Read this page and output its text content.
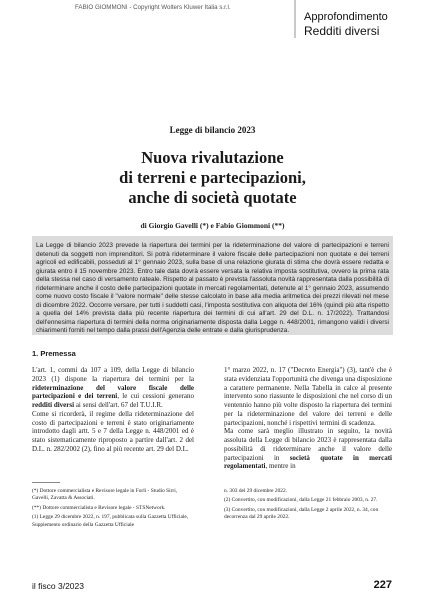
FABIO GIOMMONI - Copyright Wolters Kluwer Italia s.r.l.
Approfondimento
Redditi diversi
Legge di bilancio 2023
Nuova rivalutazione
di terreni e partecipazioni,
anche di società quotate
di Giorgio Gavelli (*) e Fabio Giommoni (**)
La Legge di bilancio 2023 prevede la riapertura dei termini per la rideterminazione del valore di partecipazioni e terreni detenuti da soggetti non imprenditori. Si potrà rideterminare il valore fiscale delle partecipazioni non quotate e dei terreni agricoli ed edificabili, posseduti al 1° gennaio 2023, sulla base di una relazione giurata di stima che dovrà essere redatta e giurata entro il 15 novembre 2023. Entro tale data dovrà essere versata la relativa imposta sostitutiva, ovvero la prima rata della stessa nel caso di versamento rateale. Rispetto al passato è prevista l'assoluta novità rappresentata dalla possibilità di rideterminare anche il costo delle partecipazioni quotate in mercati regolamentati, detenute al 1° gennaio 2023, assumendo come nuovo costo fiscale il "valore normale" delle stesse calcolato in base alla media aritmetica dei prezzi rilevati nel mese di dicembre 2022. Occorre versare, per tutti i suddetti casi, l'imposta sostitutiva con aliquota del 16% (quindi più alta rispetto a quella del 14% prevista dalla più recente riapertura dei termini di cui all'art. 29 del D.L. n. 17/2022). Trattandosi dell'ennesima riapertura di termini della norma originariamente disposta dalla Legge n. 448/2001, rimangono validi i diversi chiarimenti forniti nel tempo dalla prassi dell'Agenzia delle entrate e dalla giurisprudenza.
1. Premessa

L'art. 1, commi da 107 a 109, della Legge di bilancio 2023 (1) dispone la riapertura dei termini per la rideterminazione del valore fiscale delle partecipazioni e dei terreni, le cui cessioni generano redditi diversi ai sensi dell'art. 67 del T.U.I.R.

Come si ricorderà, il regime della rideterminazione del costo di partecipazioni e terreni è stato originariamente introdotto dagli artt. 5 e 7 della Legge n. 448/2001 ed è stato sistematicamente riproposto a partire dall'art. 2 del D.L. n. 282/2002 (2), fino al più recente art. 29 del D.L.

1° marzo 2022, n. 17 ("Decreto Energia") (3), tant'è che è stata evidenziata l'opportunità che divenga una disposizione a carattere permanente. Nella Tabella in calce al presente intervento sono riassunte le disposizioni che nel corso di un ventennio hanno più volte disposto la riapertura dei termini per la rideterminazione del valore dei terreni e delle partecipazioni, nonché i rispettivi termini di scadenza.

Ma come sarà meglio illustrato in seguito, la novità assoluta della Legge di bilancio 2023 è rappresentata dalla possibilità di rideterminare anche il valore delle partecipazioni in società quotate in mercati regolamentati, mentre in

(*) Dottore commercialista e Revisore legale in Forlì - Studio Sirri, Gavelli, Zavatta & Associati.
(**) Dottore commercialista e Revisore legale - STSNetwork.
(1) Legge 29 dicembre 2022, n. 197, pubblicata sulla Gazzetta Ufficiale, Supplemento ordinario della Gazzetta Ufficiale
n. 303 del 29 dicembre 2022.
(2) Convertito, con modificazioni, dalla Legge 21 febbraio 2003, n. 27.
(3) Convertito, con modificazioni, dalla Legge 2 aprile 2022, n. 34, con decorrenza dal 29 aprile 2022.
il fisco 3/2023	227
